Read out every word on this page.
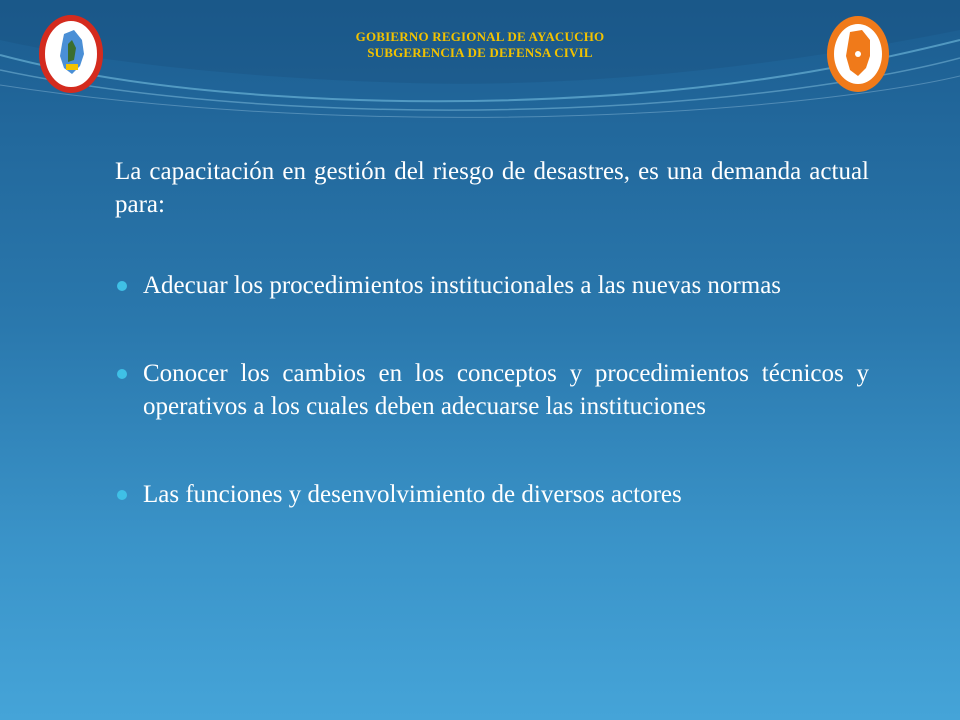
GOBIERNO REGIONAL DE AYACUCHO
SUBGERENCIA DE DEFENSA CIVIL

La capacitación en gestión del riesgo de desastres, es una demanda actual para:

Adecuar los procedimientos institucionales a las nuevas normas
Conocer los cambios en los conceptos y procedimientos técnicos y operativos a los cuales deben adecuarse las instituciones
Las funciones y desenvolvimiento de diversos actores
